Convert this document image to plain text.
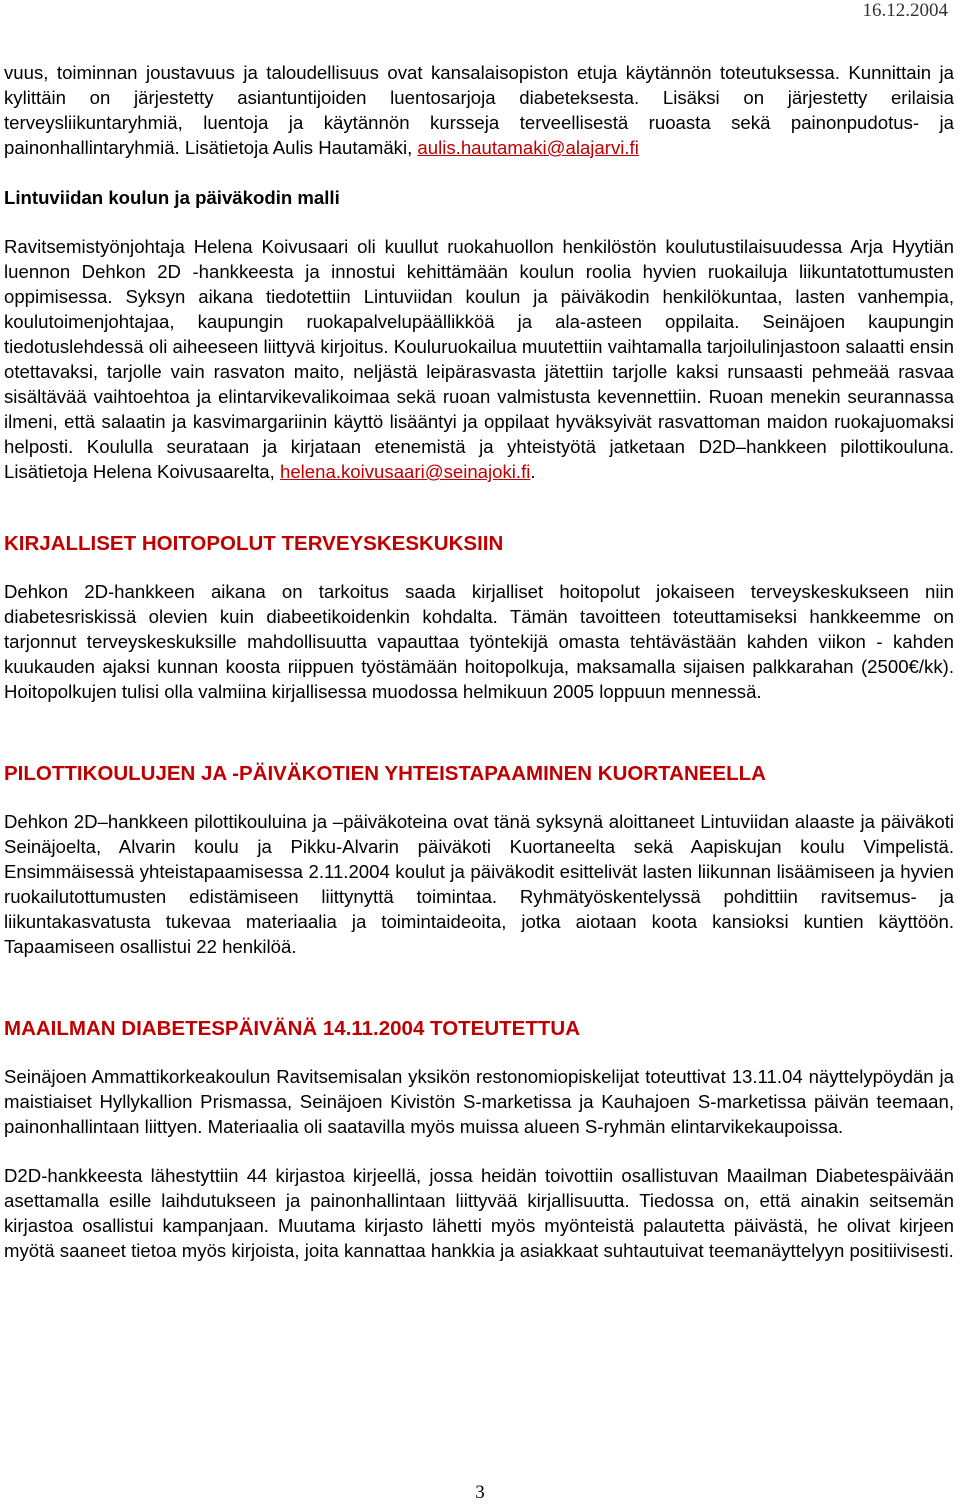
16.12.2004

vuus, toiminnan joustavuus ja taloudellisuus ovat kansalaisopiston etuja käytännön toteutuksessa. Kunnittain ja kylittäin on järjestetty asiantuntijoiden luentosarjoja diabeteksesta. Lisäksi on järjestetty erilaisia terveysliikuntaryhmiä, luentoja ja käytännön kursseja terveellisestä ruoasta sekä painonpudotus- ja painonhallintaryhmiä. Lisätietoja Aulis Hautamäki, aulis.hautamaki@alajarvi.fi

Lintuviidan koulun ja päiväkodin malli

Ravitsemistyönjohtaja Helena Koivusaari oli kuullut ruokahuollon henkilöstön koulutustilaisuudessa Arja Hyytiän luennon Dehkon 2D -hankkeesta ja innostui kehittämään koulun roolia hyvien ruokailuja liikuntatottumusten oppimisessa. Syksyn aikana tiedotettiin Lintuviidan koulun ja päiväkodin henkilökuntaa, lasten vanhempia, koulutoimenjohtajaa, kaupungin ruokapalvelupäällikköä ja ala-asteen oppilaita. Seinäjoen kaupungin tiedotuslehdessä oli aiheeseen liittyvä kirjoitus. Kouluruokailua muutettiin vaihtamalla tarjoilulinjastoon salaatti ensin otettavaksi, tarjolle vain rasvaton maito, neljästä leipärasvasta jätettiin tarjolle kaksi runsaasti pehmeää rasvaa sisältävää vaihtoehtoa ja elintarvikevalikoimaa sekä ruoan valmistusta kevennettiin. Ruoan menekin seurannassa ilmeni, että salaatin ja kasvimargariinin käyttö lisääntyi ja oppilaat hyväksyivät rasvattoman maidon ruokajuomaksi helposti. Koululla seurataan ja kirjataan etenemistä ja yhteistyötä jatketaan D2D–hankkeen pilottikouluna. Lisätietoja Helena Koivusaarelta, helena.koivusaari@seinajoki.fi.

KIRJALLISET HOITOPOLUT TERVEYSKESKUKSIIN

Dehkon 2D-hankkeen aikana on tarkoitus saada kirjalliset hoitopolut jokaiseen terveyskeskukseen niin diabetesriskissä olevien kuin diabeetikoidenkin kohdalta. Tämän tavoitteen toteuttamiseksi hankkeemme on tarjonnut terveyskeskuksille mahdollisuutta vapauttaa työntekijä omasta tehtävästään kahden viikon - kahden kuukauden ajaksi kunnan koosta riippuen työstämään hoitopolkuja, maksamalla sijaisen palkkarahan (2500€/kk). Hoitopolkujen tulisi olla valmiina kirjallisessa muodossa helmikuun 2005 loppuun mennessä.

PILOTTIKOULUJEN JA -PÄIVÄKOTIEN YHTEISTAPAAMINEN KUORTANEELLA

Dehkon 2D–hankkeen pilottikouluina ja –päiväkoteina ovat tänä syksynä aloittaneet Lintuviidan alaaste ja päiväkoti Seinäjoelta, Alvarin koulu ja Pikku-Alvarin päiväkoti Kuortaneelta sekä Aapiskujan koulu Vimpelistä. Ensimmäisessä yhteistapaamisessa 2.11.2004 koulut ja päiväkodit esittelivät lasten liikunnan lisäämiseen ja hyvien ruokailutottumusten edistämiseen liittynyttä toimintaa. Ryhmätyöskentelyssä pohdittiin ravitsemus- ja liikuntakasvatusta tukevaa materiaalia ja toimintaideoita, jotka aiotaan koota kansioksi kuntien käyttöön. Tapaamiseen osallistui 22 henkilöä.

MAAILMAN DIABETESPÄIVÄNÄ 14.11.2004 TOTEUTETTUA

Seinäjoen Ammattikorkeakoulun Ravitsemisalan yksikön restonomiopiskelijat toteuttivat 13.11.04 näyttelypöydän ja maistiaiset Hyllykallion Prismassa, Seinäjoen Kivistön S-marketissa ja Kauhajoen S-marketissa päivän teemaan, painonhallintaan liittyen. Materiaalia oli saatavilla myös muissa alueen S-ryhmän elintarvikekaupoissa.

D2D-hankkeesta lähestyttiin 44 kirjastoa kirjeellä, jossa heidän toivottiin osallistuvan Maailman Diabetespäivään asettamalla esille laihdutukseen ja painonhallintaan liittyvää kirjallisuutta. Tiedossa on, että ainakin seitsemän kirjastoa osallistui kampanjaan. Muutama kirjasto lähetti myös myönteistä palautetta päivästä, he olivat kirjeen myötä saaneet tietoa myös kirjoista, joita kannattaa hankkia ja asiakkaat suhtautuivat teemanäyttelyyn positiivisesti.

3
